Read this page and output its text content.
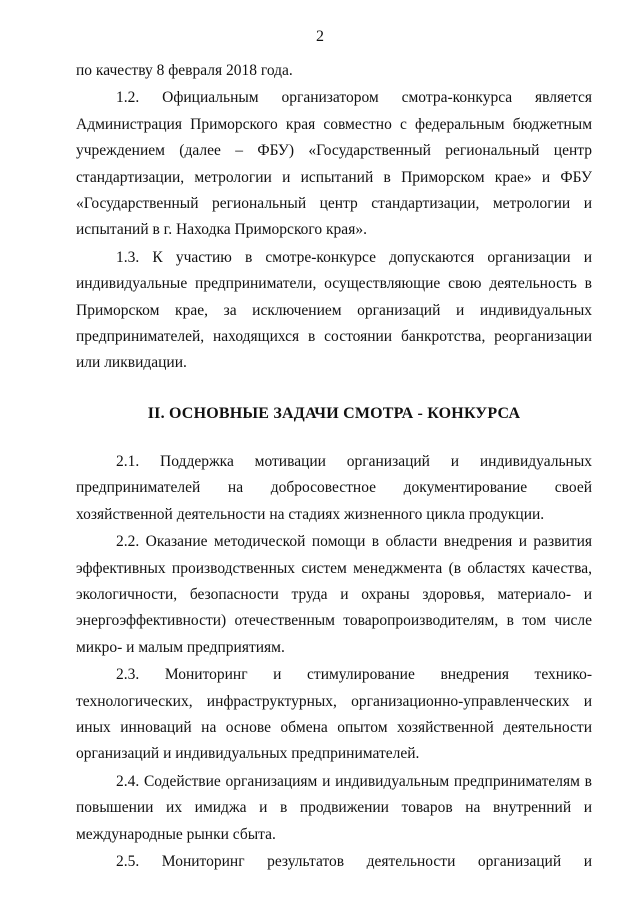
2

по качеству 8 февраля 2018 года.

1.2. Официальным организатором смотра-конкурса является Администрация Приморского края совместно с федеральным бюджетным учреждением (далее – ФБУ) «Государственный региональный центр стандартизации, метрологии и испытаний в Приморском крае» и ФБУ «Государственный региональный центр стандартизации, метрологии и испытаний в г. Находка Приморского края».

1.3. К участию в смотре-конкурсе допускаются организации и индивидуальные предприниматели, осуществляющие свою деятельность в Приморском крае, за исключением организаций и индивидуальных предпринимателей, находящихся в состоянии банкротства, реорганизации или ликвидации.

II. ОСНОВНЫЕ ЗАДАЧИ СМОТРА - КОНКУРСА

2.1. Поддержка мотивации организаций и индивидуальных предпринимателей на добросовестное документирование своей хозяйственной деятельности на стадиях жизненного цикла продукции.

2.2. Оказание методической помощи в области внедрения и развития эффективных производственных систем менеджмента (в областях качества, экологичности, безопасности труда и охраны здоровья, материало- и энергоэффективности) отечественным товаропроизводителям, в том числе микро- и малым предприятиям.

2.3. Мониторинг и стимулирование внедрения технико-технологических, инфраструктурных, организационно-управленческих и иных инноваций на основе обмена опытом хозяйственной деятельности организаций и индивидуальных предпринимателей.

2.4. Содействие организациям и индивидуальным предпринимателям в повышении их имиджа и в продвижении товаров на внутренний и международные рынки сбыта.

2.5. Мониторинг результатов деятельности организаций и
